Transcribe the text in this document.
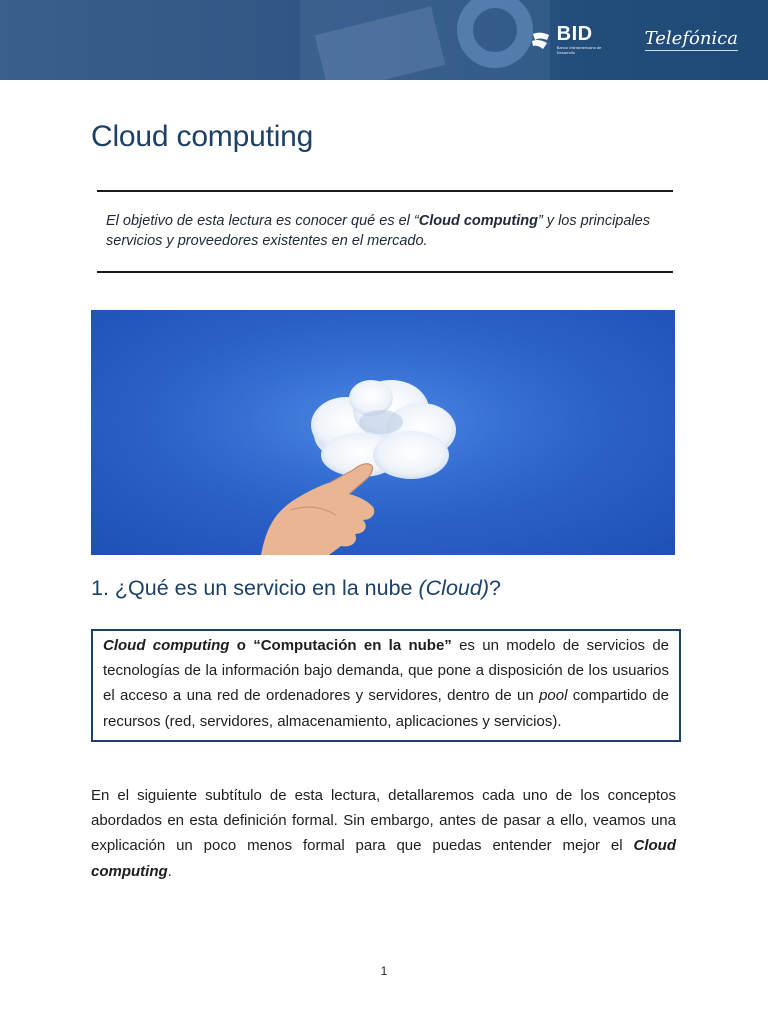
BID
Banco Interamericano de Desarrollo
Telefónica
Cloud computing

El objetivo de esta lectura es conocer qué es el “Cloud computing” y los principales servicios y proveedores existentes en el mercado.

1. ¿Qué es un servicio en la nube (Cloud)?

Cloud computing o “Computación en la nube” es un modelo de servicios de tecnologías de la información bajo demanda, que pone a disposición de los usuarios el acceso a una red de ordenadores y servidores, dentro de un pool compartido de recursos (red, servidores, almacenamiento, aplicaciones y servicios).

En el siguiente subtítulo de esta lectura, detallaremos cada uno de los conceptos abordados en esta definición formal. Sin embargo, antes de pasar a ello, veamos una explicación un poco menos formal para que puedas entender mejor el Cloud computing.

1
